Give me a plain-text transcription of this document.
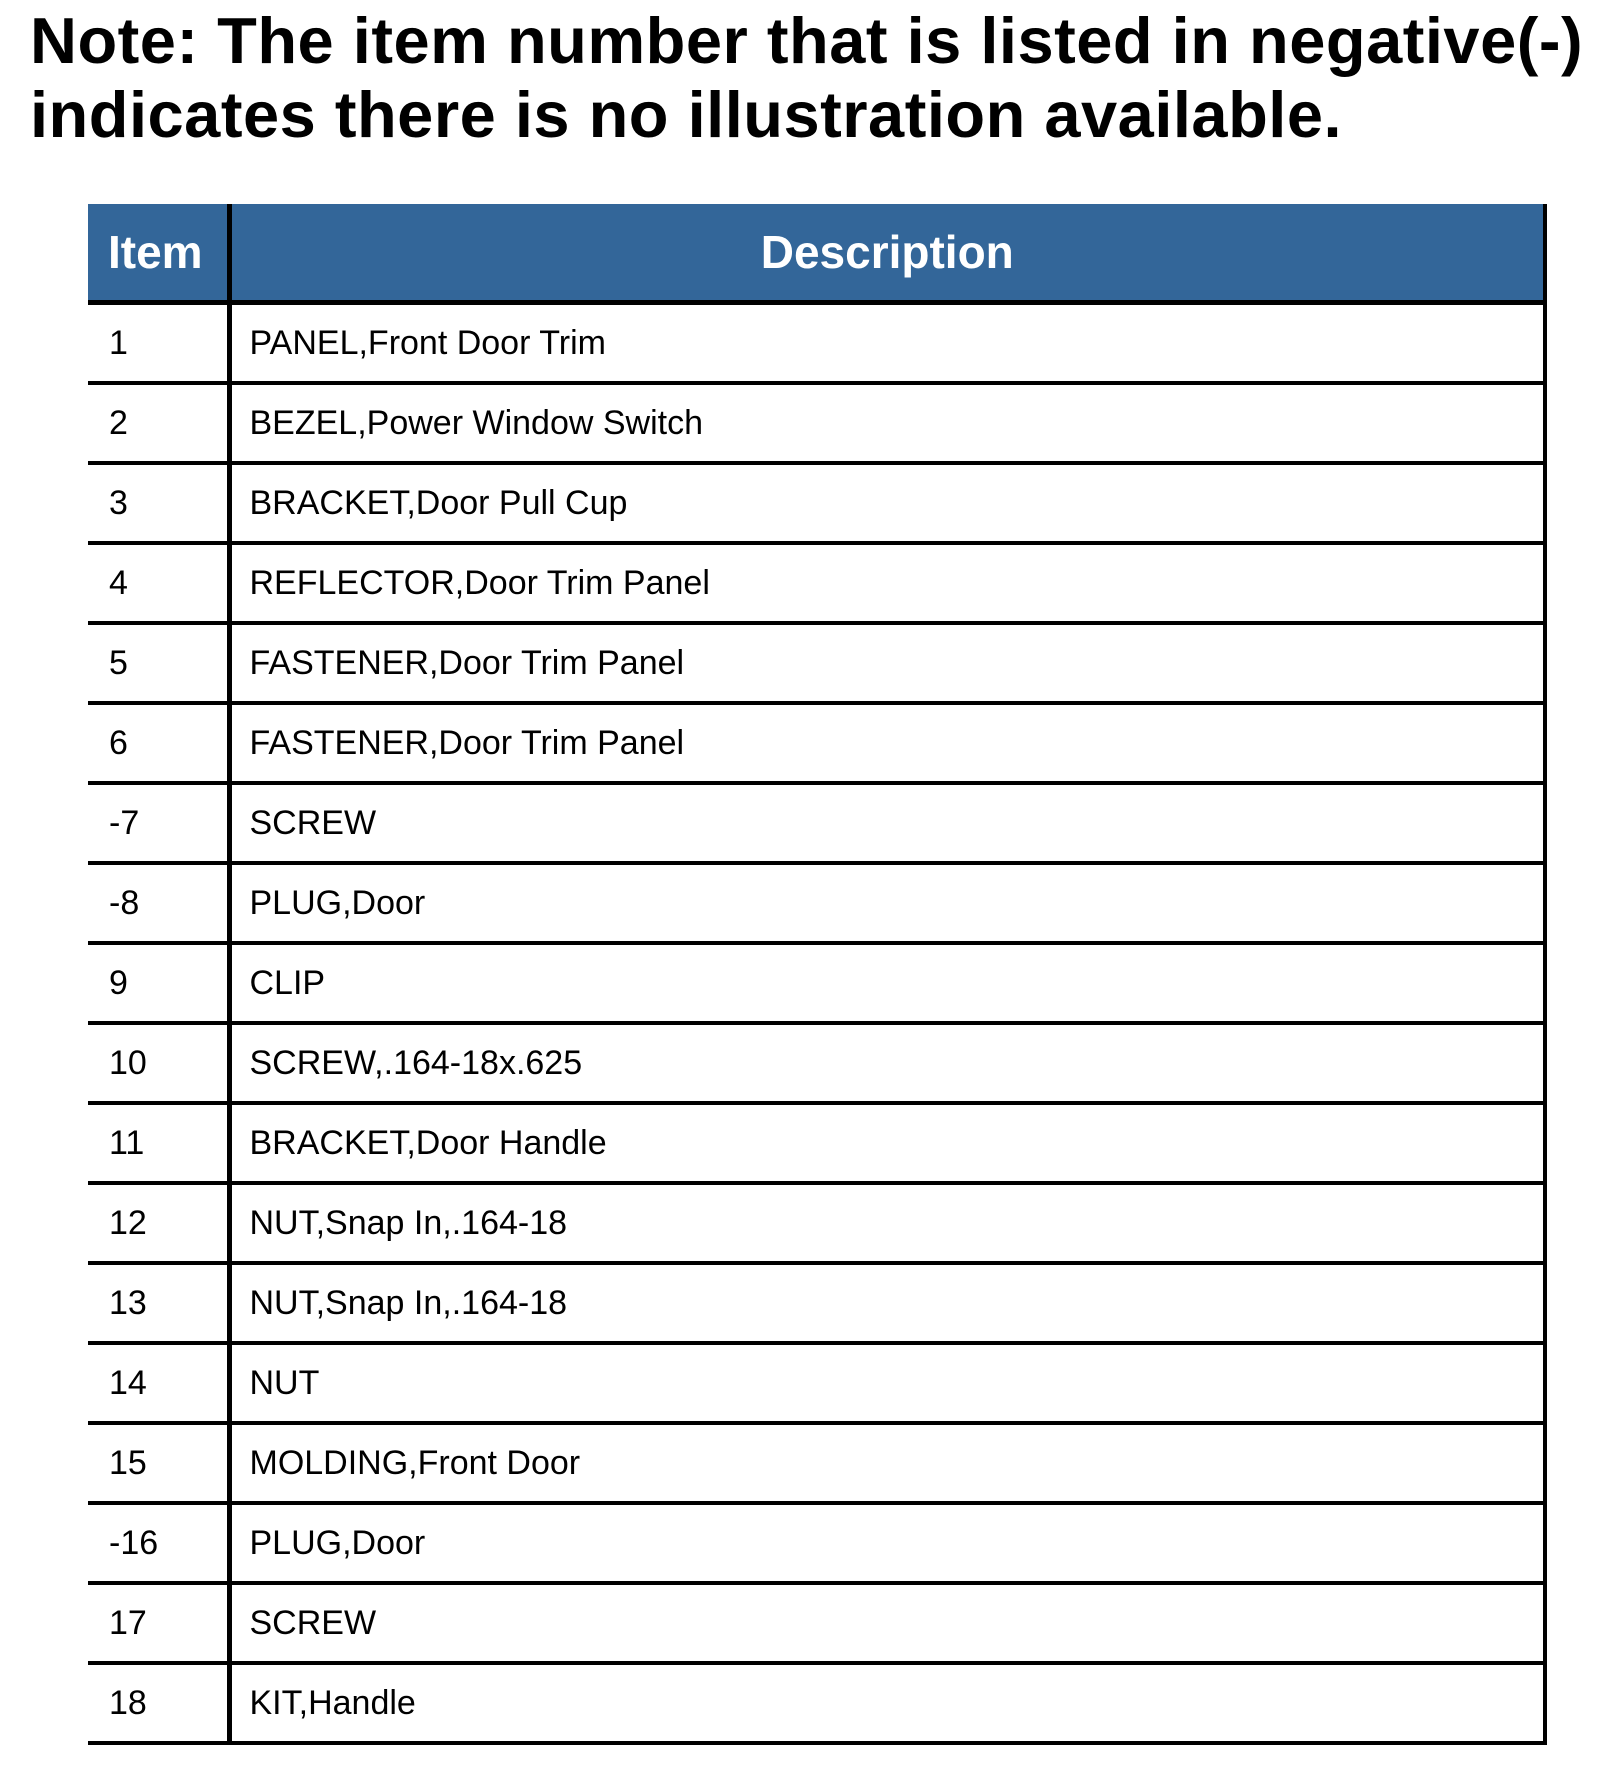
Note: The item number that is listed in negative(-)
indicates there is no illustration available.
Item	Description
1	PANEL,Front Door Trim
2	BEZEL,Power Window Switch
3	BRACKET,Door Pull Cup
4	REFLECTOR,Door Trim Panel
5	FASTENER,Door Trim Panel
6	FASTENER,Door Trim Panel
-7	SCREW
-8	PLUG,Door
9	CLIP
10	SCREW,.164-18x.625
11	BRACKET,Door Handle
12	NUT,Snap In,.164-18
13	NUT,Snap In,.164-18
14	NUT
15	MOLDING,Front Door
-16	PLUG,Door
17	SCREW
18	KIT,Handle
